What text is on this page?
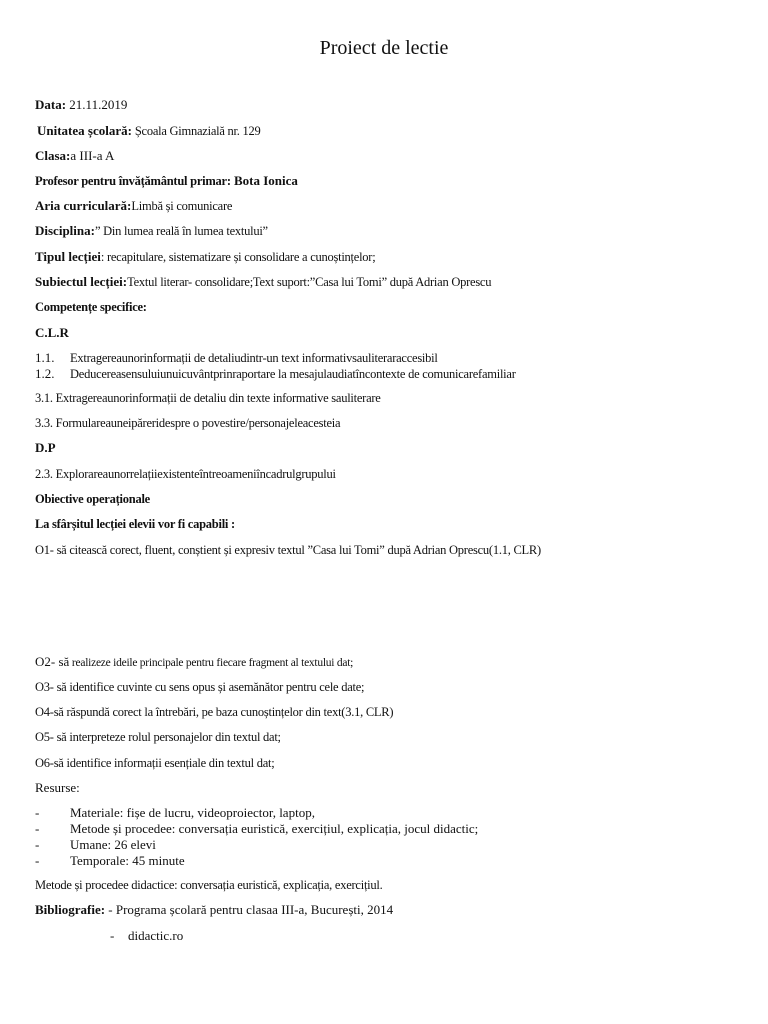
Proiect de lectie
Data: 21.11.2019
Unitatea școlară: Școala Gimnazială nr. 129
Clasa:a III-a A
Profesor pentru învățământul primar: Bota Ionica
Aria curriculară:Limbă și comunicare
Disciplina:” Din lumea reală în lumea textului”
Tipul lecției: recapitulare, sistematizare și consolidare a cunoștințelor;
Subiectul lecției:Textul literar- consolidare;Text suport:”Casa lui Tomi” după Adrian Oprescu
Competențe specifice:
C.L.R
1.1. Extragereaunorinformații de detaliudintr-un text informativsauliteraraccesibil
1.2. Deducereasensuluiunuicuvântprinraportare la mesajulaudiatîncontexte de comunicarefamiliar
3.1. Extragereaunorinformații de detaliu din texte informative sauliterare
3.3. Formulareauneipăreridespre o povestire/personajeleacesteia
D.P
2.3. Explorareaunorrelațiiexistenteîntreoameniîncadrulgrupului
Obiective operaționale
La sfârșitul lecției elevii vor fi capabili :
O1- să citească corect, fluent, conștient și expresiv textul ”Casa lui Tomi” după Adrian Oprescu(1.1, CLR)
O2- să realizeze ideile principale pentru fiecare fragment al textului dat;
O3- să identifice cuvinte cu sens opus și asemănător pentru cele date;
O4-să răspundă corect la întrebări, pe baza cunoștințelor din text(3.1, CLR)
O5- să interpreteze rolul personajelor din textul dat;
O6-să identifice informații esențiale din textul dat;
Resurse:
- Materiale: fișe de lucru, videoproiector, laptop,
- Metode și procedee: conversația euristică, exercițiul, explicația, jocul didactic;
- Umane: 26 elevi
- Temporale: 45 minute
Metode și procedee didactice: conversația euristică, explicația, exercițiul.
Bibliografie: - Programa școlară pentru clasaa III-a, București, 2014
- didactic.ro
